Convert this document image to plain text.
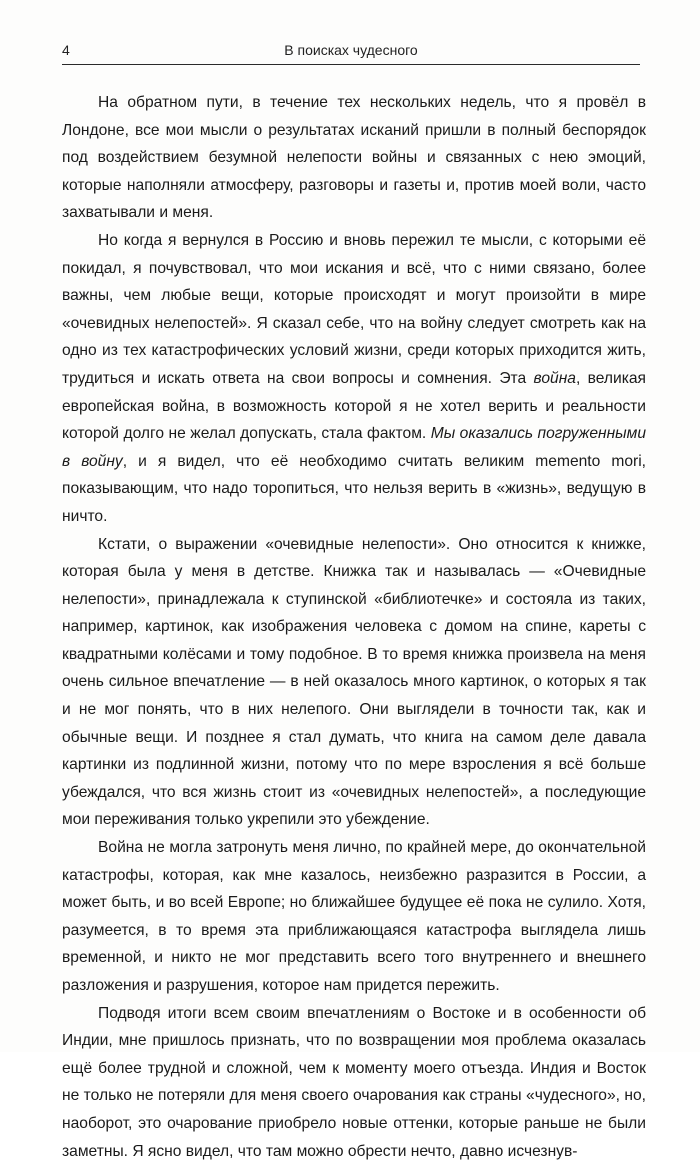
4	В поисках чудесного

На обратном пути, в течение тех нескольких недель, что я провёл в Лондоне, все мои мысли о результатах исканий пришли в полный беспорядок под воздействием безумной нелепости войны и связанных с нею эмоций, которые наполняли атмосферу, разговоры и газеты и, против моей воли, часто захватывали и меня.

Но когда я вернулся в Россию и вновь пережил те мысли, с которыми её покидал, я почувствовал, что мои искания и всё, что с ними связано, более важны, чем любые вещи, которые происходят и могут произойти в мире «очевидных нелепостей». Я сказал себе, что на войну следует смотреть как на одно из тех катастрофических условий жизни, среди которых приходится жить, трудиться и искать ответа на свои вопросы и сомнения. Эта война, великая европейская война, в возможность которой я не хотел верить и реальности которой долго не желал допускать, стала фактом. Мы оказались погруженными в войну, и я видел, что её необходимо считать великим memento mori, показывающим, что надо торопиться, что нельзя верить в «жизнь», ведущую в ничто.

Кстати, о выражении «очевидные нелепости». Оно относится к книжке, которая была у меня в детстве. Книжка так и называлась — «Очевидные нелепости», принадлежала к ступинской «библиотечке» и состояла из таких, например, картинок, как изображения человека с домом на спине, кареты с квадратными колёсами и тому подобное. В то время книжка произвела на меня очень сильное впечатление — в ней оказалось много картинок, о которых я так и не мог понять, что в них нелепого. Они выглядели в точности так, как и обычные вещи. И позднее я стал думать, что книга на самом деле давала картинки из подлинной жизни, потому что по мере взросления я всё больше убеждался, что вся жизнь стоит из «очевидных нелепостей», а последующие мои переживания только укрепили это убеждение.

Война не могла затронуть меня лично, по крайней мере, до окончательной катастрофы, которая, как мне казалось, неизбежно разразится в России, а может быть, и во всей Европе; но ближайшее будущее её пока не сулило. Хотя, разумеется, в то время эта приближающаяся катастрофа выглядела лишь временной, и никто не мог представить всего того внутреннего и внешнего разложения и разрушения, которое нам придется пережить.

Подводя итоги всем своим впечатлениям о Востоке и в особенности об Индии, мне пришлось признать, что по возвращении моя проблема оказалась ещё более трудной и сложной, чем к моменту моего отъезда. Индия и Восток не только не потеряли для меня своего очарования как страны «чудесного», но, наоборот, это очарование приобрело новые оттенки, которые раньше не были заметны. Я ясно видел, что там можно обрести нечто, давно исчезнув-
